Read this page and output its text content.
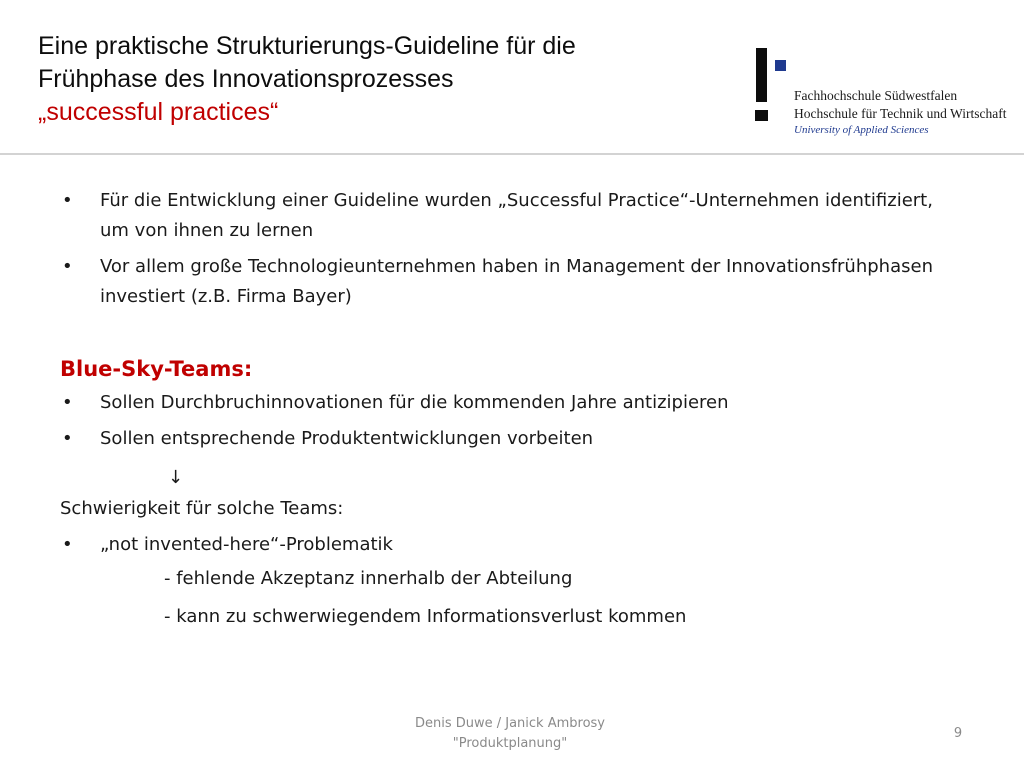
Eine praktische Strukturierungs-Guideline für die
Frühphase des Innovationsprozesses
„successful practices“
Fachhochschule Südwestfalen
Hochschule für Technik und Wirtschaft
University of Applied Sciences
• Für die Entwicklung einer Guideline wurden „Successful Practice“-Unternehmen identifiziert, um von ihnen zu lernen
• Vor allem große Technologieunternehmen haben in Management der Innovationsfrühphasen investiert (z.B. Firma Bayer)
Blue-Sky-Teams:
• Sollen Durchbruchinnovationen für die kommenden Jahre antizipieren
• Sollen entsprechende Produktentwicklungen vorbeiten
↓
Schwierigkeit für solche Teams:
• „not invented-here“-Problematik
- fehlende Akzeptanz innerhalb der Abteilung
- kann zu schwerwiegendem Informationsverlust kommen
Denis Duwe / Janick Ambrosy
"Produktplanung"
9
